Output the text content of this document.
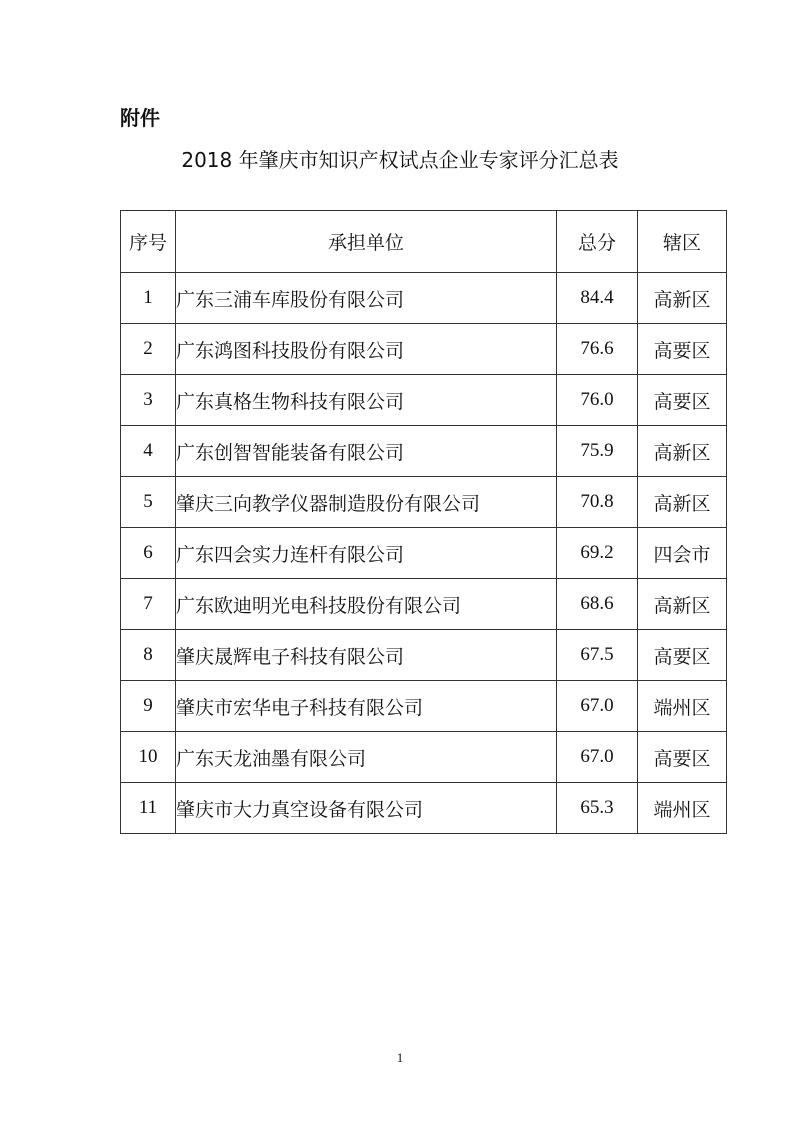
附件
2018 年肇庆市知识产权试点企业专家评分汇总表
序号	承担单位	总分	辖区
1	广东三浦车库股份有限公司	84.4	高新区
2	广东鸿图科技股份有限公司	76.6	高要区
3	广东真格生物科技有限公司	76.0	高要区
4	广东创智智能装备有限公司	75.9	高新区
5	肇庆三向教学仪器制造股份有限公司	70.8	高新区
6	广东四会实力连杆有限公司	69.2	四会市
7	广东欧迪明光电科技股份有限公司	68.6	高新区
8	肇庆晟辉电子科技有限公司	67.5	高要区
9	肇庆市宏华电子科技有限公司	67.0	端州区
10	广东天龙油墨有限公司	67.0	高要区
11	肇庆市大力真空设备有限公司	65.3	端州区
1
